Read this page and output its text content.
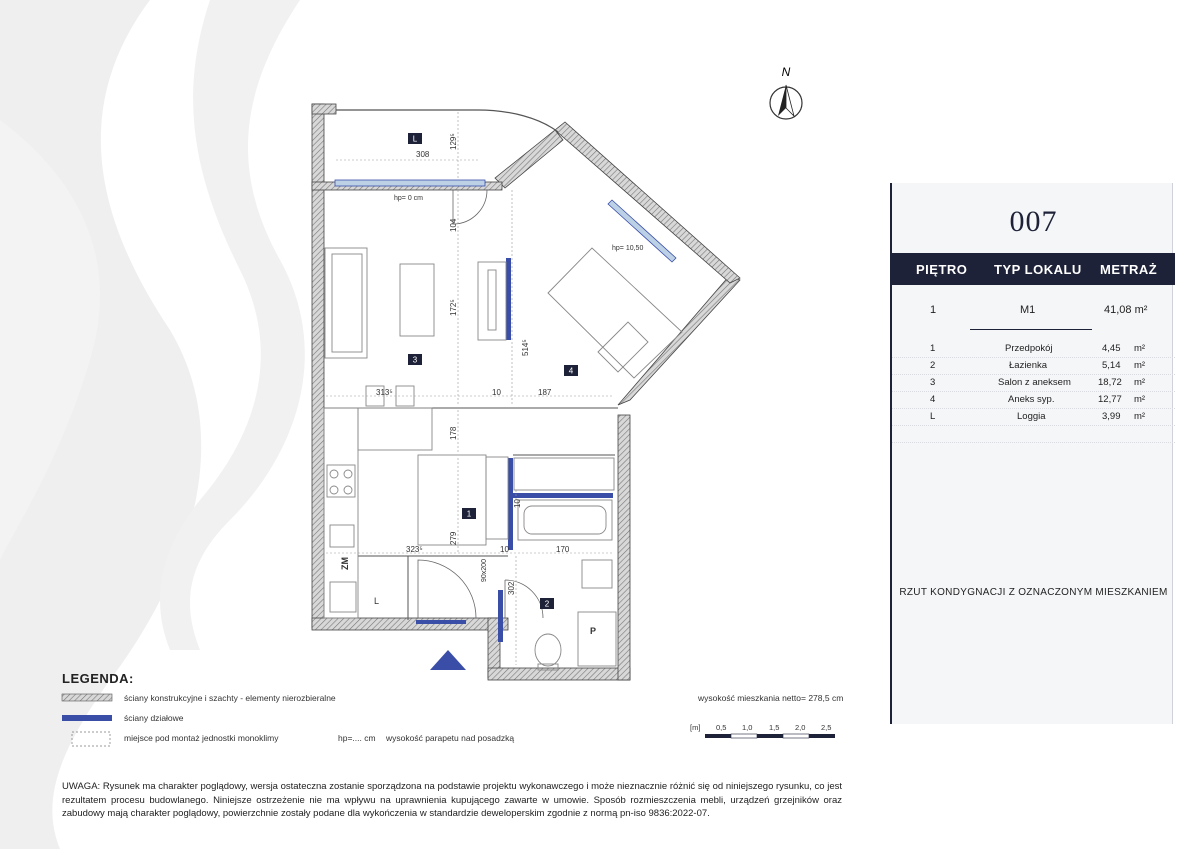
L
3
4
1
2
308
129⁵
104
172⁵
514⁵
313⁵	10	187
178
10
279
323⁵	10	170
302
hp= 0 cm
hp= 10,50
90x200
ZM
P
L
N
007
PIĘTRO TYP LOKALU METRAŻ
1	M1	41,08 m²
1	Przedpokój	4,45 m²
2	Łazienka	5,14 m²
3	Salon z aneksem	18,72 m²
4	Aneks syp.	12,77 m²
L	Loggia	3,99 m²
RZUT KONDYGNACJI Z OZNACZONYM MIESZKANIEM
LEGENDA:
ściany konstrukcyjne i szachty - elementy nierozbieralne
ściany działowe
miejsce pod montaż jednostki monoklimy	hp=.... cm wysokość parapetu nad posadzką
wysokość mieszkania netto= 278,5 cm
[m] 0,5 1,0 1,5 2,0 2,5
UWAGA: Rysunek ma charakter poglądowy, wersja ostateczna zostanie sporządzona na podstawie projektu wykonawczego i może nieznacznie różnić się od niniejszego rysunku, co jest rezultatem procesu budowlanego. Niniejsze ostrzeżenie nie ma wpływu na uprawnienia kupującego zawarte w umowie. Sposób rozmieszczenia mebli, urządzeń grzejników oraz zabudowy mają charakter poglądowy, powierzchnie zostały podane dla wykończenia w standardzie deweloperskim zgodnie z normą pn-iso 9836:2022-07.
